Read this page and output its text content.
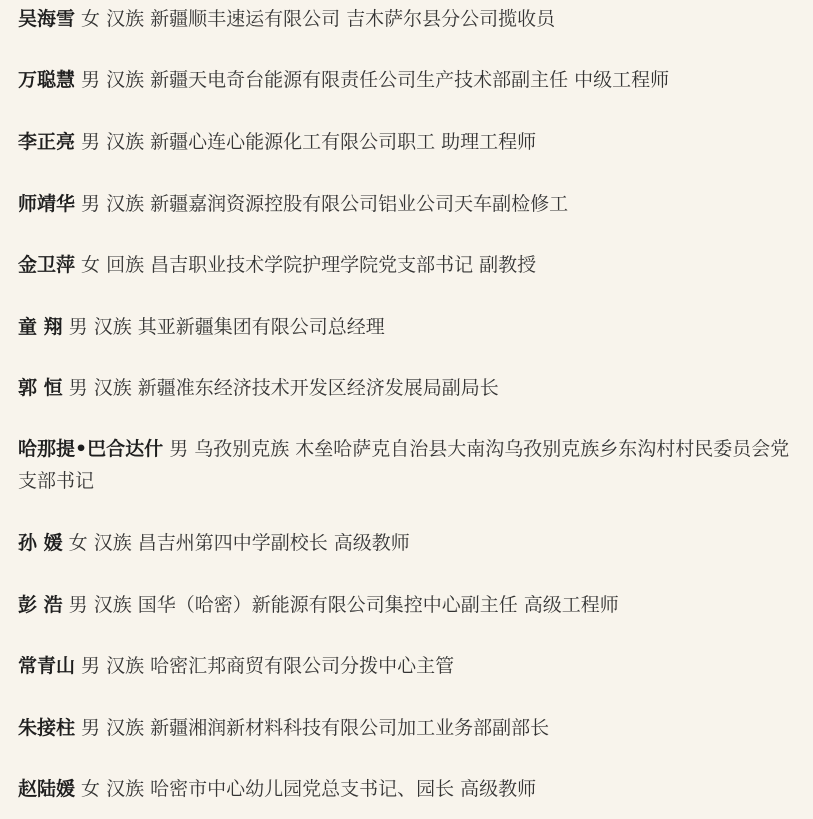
吴海雪 女 汉族 新疆顺丰速运有限公司 吉木萨尔县分公司揽收员

万聪慧 男 汉族 新疆天电奇台能源有限责任公司生产技术部副主任 中级工程师

李正亮 男 汉族 新疆心连心能源化工有限公司职工 助理工程师

师靖华 男 汉族 新疆嘉润资源控股有限公司铝业公司天车副检修工

金卫萍 女 回族 昌吉职业技术学院护理学院党支部书记 副教授

童 翔 男 汉族 其亚新疆集团有限公司总经理

郭 恒 男 汉族 新疆准东经济技术开发区经济发展局副局长

哈那提•巴合达什 男 乌孜别克族 木垒哈萨克自治县大南沟乌孜别克族乡东沟村村民委员会党支部书记

孙 媛 女 汉族 昌吉州第四中学副校长 高级教师

彭 浩 男 汉族 国华（哈密）新能源有限公司集控中心副主任 高级工程师

常青山 男 汉族 哈密汇邦商贸有限公司分拨中心主管

朱接柱 男 汉族 新疆湘润新材料科技有限公司加工业务部副部长

赵陆媛 女 汉族 哈密市中心幼儿园党总支书记、园长 高级教师
